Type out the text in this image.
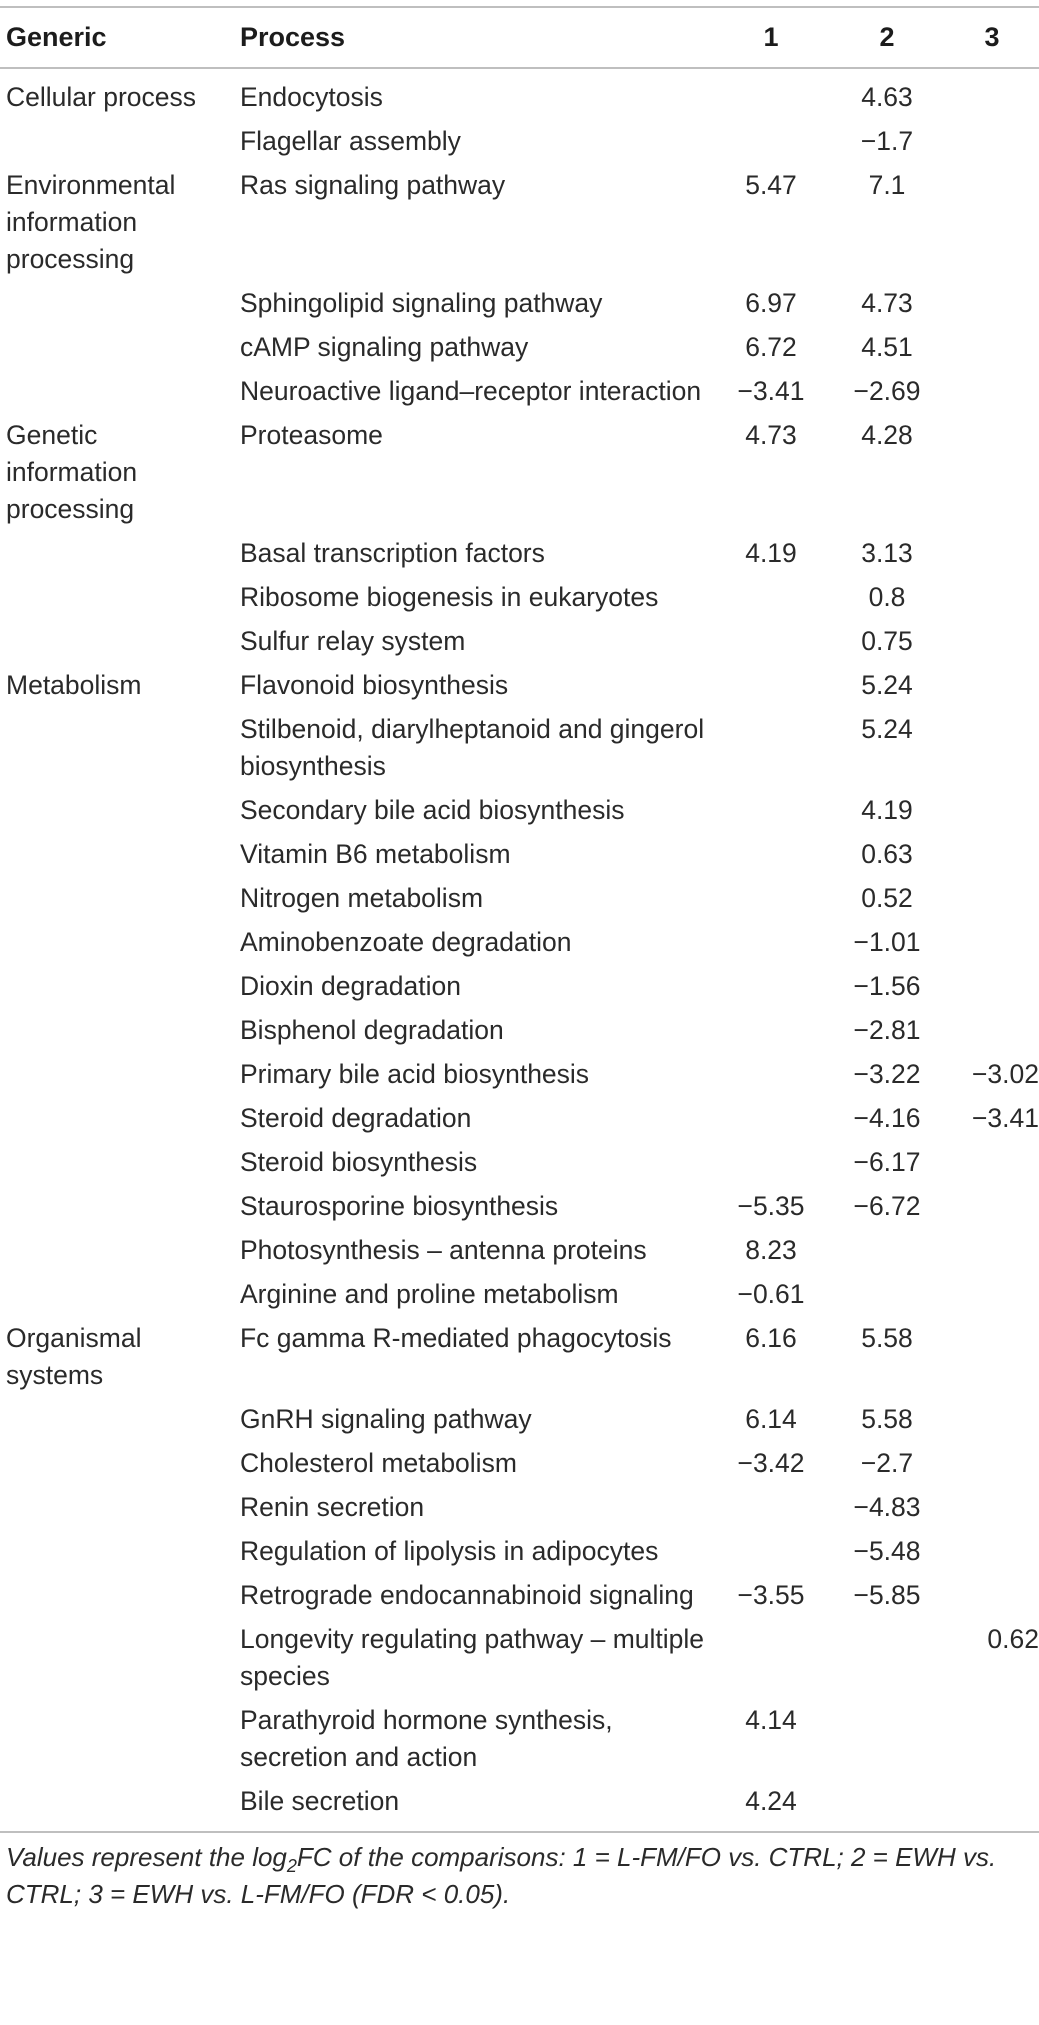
Generic	Process	1	2	3
Cellular process	Endocytosis		4.63	
	Flagellar assembly		−1.7	
Environmental information processing	Ras signaling pathway	5.47	7.1	
	Sphingolipid signaling pathway	6.97	4.73	
	cAMP signaling pathway	6.72	4.51	
	Neuroactive ligand–receptor interaction	−3.41	−2.69	
Genetic information processing	Proteasome	4.73	4.28	
	Basal transcription factors	4.19	3.13	
	Ribosome biogenesis in eukaryotes		0.8	
	Sulfur relay system		0.75	
Metabolism	Flavonoid biosynthesis		5.24	
	Stilbenoid, diarylheptanoid and gingerol biosynthesis		5.24	
	Secondary bile acid biosynthesis		4.19	
	Vitamin B6 metabolism		0.63	
	Nitrogen metabolism		0.52	
	Aminobenzoate degradation		−1.01	
	Dioxin degradation		−1.56	
	Bisphenol degradation		−2.81	
	Primary bile acid biosynthesis		−3.22	−3.02
	Steroid degradation		−4.16	−3.41
	Steroid biosynthesis		−6.17	
	Staurosporine biosynthesis	−5.35	−6.72	
	Photosynthesis – antenna proteins	8.23		
	Arginine and proline metabolism	−0.61		
Organismal systems	Fc gamma R-mediated phagocytosis	6.16	5.58	
	GnRH signaling pathway	6.14	5.58	
	Cholesterol metabolism	−3.42	−2.7	
	Renin secretion		−4.83	
	Regulation of lipolysis in adipocytes		−5.48	
	Retrograde endocannabinoid signaling	−3.55	−5.85	
	Longevity regulating pathway – multiple species			0.62
	Parathyroid hormone synthesis, secretion and action	4.14		
	Bile secretion	4.24		
Values represent the $\log_2FC$ of the comparisons: 1 = L-FM/FO vs. CTRL; 2 = EWH vs. CTRL; 3 = EWH vs. L-FM/FO (FDR < 0.05).
